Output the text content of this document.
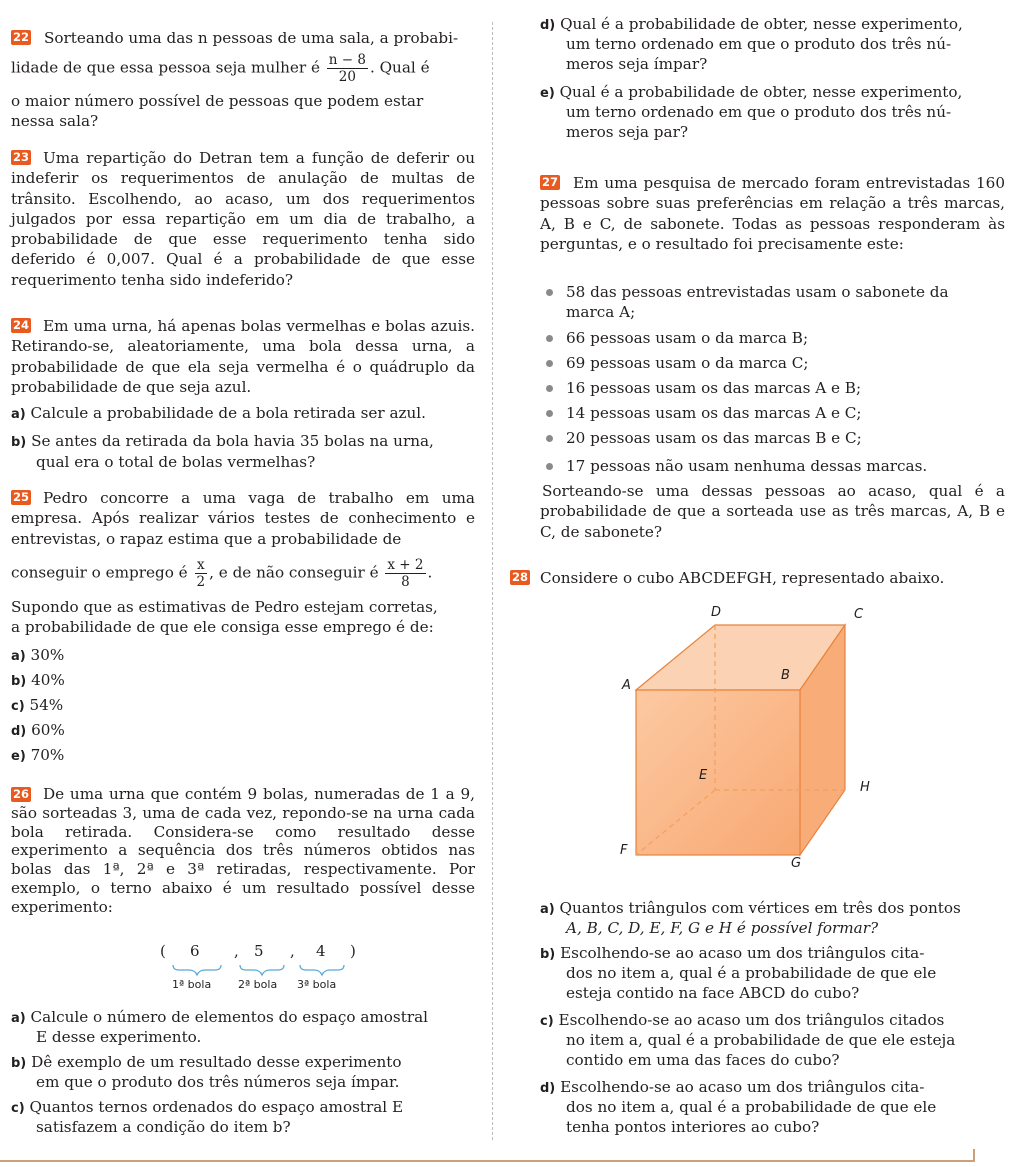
22 Sorteando uma das n pessoas de uma sala, a probabi-
lidade de que essa pessoa seja mulher é $\frac{n - 8}{20}$ . Qual é
o maior número possível de pessoas que podem estar
nessa sala?
23 Uma repartição do Detran tem a função de deferir ou indeferir os requerimentos de anulação de multas de trânsito. Escolhendo, ao acaso, um dos requerimentos julgados por essa repartição em um dia de trabalho, a probabilidade de que esse requerimento tenha sido deferido é 0,007. Qual é a probabilidade de que esse requerimento tenha sido indeferido?
24 Em uma urna, há apenas bolas vermelhas e bolas azuis. Retirando-se, aleatoriamente, uma bola dessa urna, a probabilidade de que ela seja vermelha é o quádruplo da probabilidade de que seja azul.
a) Calcule a probabilidade de a bola retirada ser azul.
b) Se antes da retirada da bola havia 35 bolas na urna,
qual era o total de bolas vermelhas?
25 Pedro concorre a uma vaga de trabalho em uma empresa. Após realizar vários testes de conhecimento e entrevistas, o rapaz estima que a probabilidade de
conseguir o emprego é $\frac{x}{2}$ , e de não conseguir é $\frac{x + 2}{8}$ .
Supondo que as estimativas de Pedro estejam corretas,
a probabilidade de que ele consiga esse emprego é de:
a) 30%
b) 40%
c) 54%
d) 60%
e) 70%
26 De uma urna que contém 9 bolas, numeradas de 1 a 9, são sorteadas 3, uma de cada vez, repondo-se na urna cada bola retirada. Considera-se como resultado desse experimento a sequência dos três números obtidos nas bolas das 1ª, 2ª e 3ª retiradas, respectivamente. Por exemplo, o terno abaixo é um resultado possível desse experimento:
( 6 , 5 , 4 )
1ª bola 2ª bola 3ª bola
a) Calcule o número de elementos do espaço amostral
E desse experimento.
b) Dê exemplo de um resultado desse experimento
em que o produto dos três números seja ímpar.
c) Quantos ternos ordenados do espaço amostral E
satisfazem a condição do item b?
d) Qual é a probabilidade de obter, nesse experimento,
um terno ordenado em que o produto dos três nú-
meros seja ímpar?
e) Qual é a probabilidade de obter, nesse experimento,
um terno ordenado em que o produto dos três nú-
meros seja par?
27 Em uma pesquisa de mercado foram entrevistadas 160 pessoas sobre suas preferências em relação a três marcas, A, B e C, de sabonete. Todas as pessoas responderam às perguntas, e o resultado foi precisamente este:
58 das pessoas entrevistadas usam o sabonete da
marca A;
66 pessoas usam o da marca B;
69 pessoas usam o da marca C;
16 pessoas usam os das marcas A e B;
14 pessoas usam os das marcas A e C;
20 pessoas usam os das marcas B e C;
17 pessoas não usam nenhuma dessas marcas.
Sorteando-se uma dessas pessoas ao acaso, qual é a probabilidade de que a sorteada use as três marcas, A, B e C, de sabonete?
28 Considere o cubo ABCDEFGH, representado abaixo.
D	C
A
B
E
H
F
G
a) Quantos triângulos com vértices em três dos pontos
A, B, C, D, E, F, G e H é possível formar?
b) Escolhendo-se ao acaso um dos triângulos cita-
dos no item a, qual é a probabilidade de que ele
esteja contido na face ABCD do cubo?
c) Escolhendo-se ao acaso um dos triângulos citados
no item a, qual é a probabilidade de que ele esteja
contido em uma das faces do cubo?
d) Escolhendo-se ao acaso um dos triângulos cita-
dos no item a, qual é a probabilidade de que ele
tenha pontos interiores ao cubo?
